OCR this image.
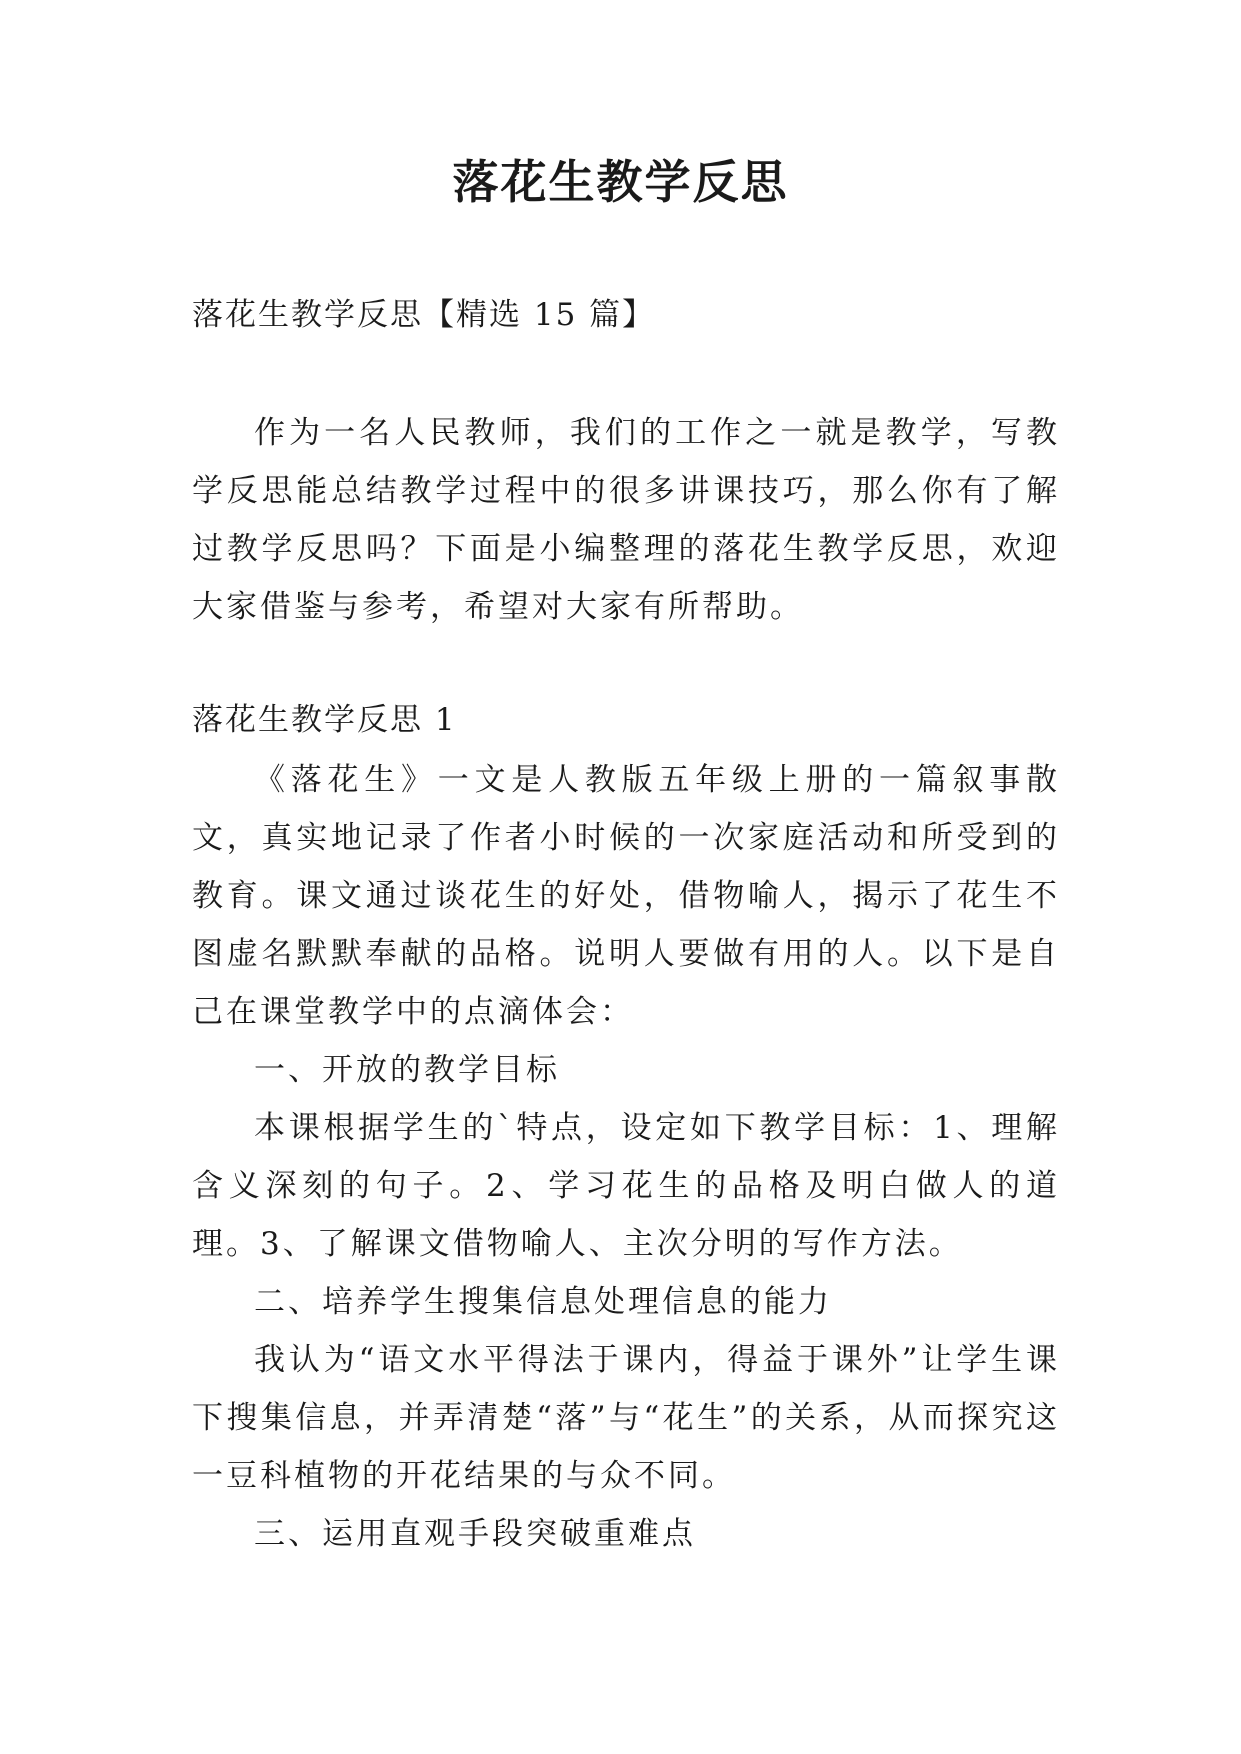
落花生教学反思
落花生教学反思【精选 15 篇】

作为一名人民教师，我们的工作之一就是教学，写教学反思能总结教学过程中的很多讲课技巧，那么你有了解过教学反思吗？下面是小编整理的落花生教学反思，欢迎大家借鉴与参考，希望对大家有所帮助。

落花生教学反思 1

《落花生》一文是人教版五年级上册的一篇叙事散文，真实地记录了作者小时候的一次家庭活动和所受到的教育。课文通过谈花生的好处，借物喻人，揭示了花生不图虚名默默奉献的品格。说明人要做有用的人。以下是自己在课堂教学中的点滴体会：

一、开放的教学目标

本课根据学生的`特点，设定如下教学目标：1、理解含义深刻的句子。2、学习花生的品格及明白做人的道理。3、了解课文借物喻人、主次分明的写作方法。

二、培养学生搜集信息处理信息的能力

我认为“语文水平得法于课内，得益于课外”让学生课下搜集信息，并弄清楚“落”与“花生”的关系，从而探究这一豆科植物的开花结果的与众不同。

三、运用直观手段突破重难点
